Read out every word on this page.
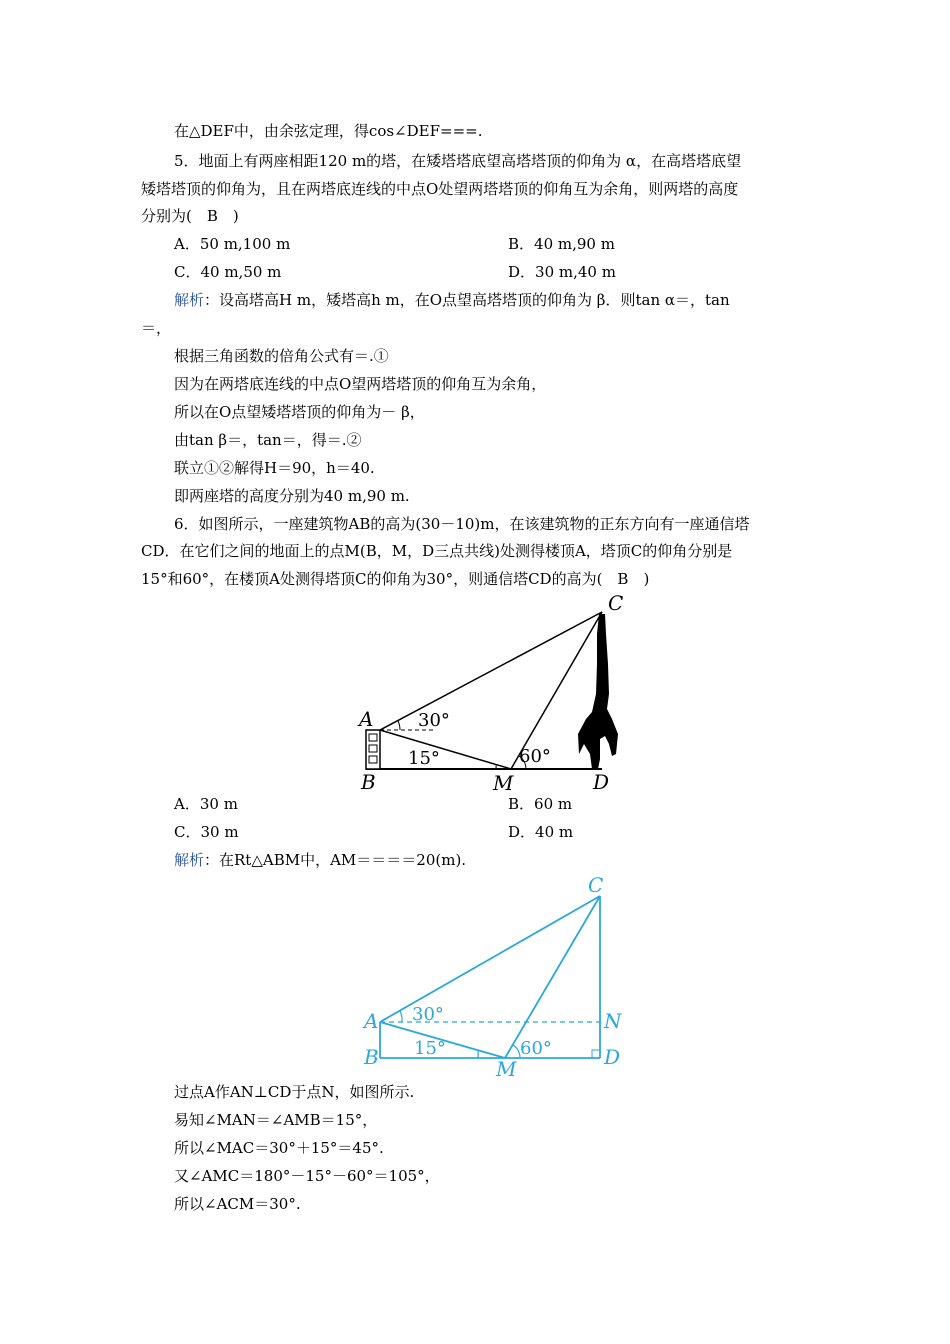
在△DEF中，由余弦定理，得cos∠DEF===.
5．地面上有两座相距120 m的塔，在矮塔塔底望高塔塔顶的仰角为 α，在高塔塔底望
矮塔塔顶的仰角为，且在两塔底连线的中点O处望两塔塔顶的仰角互为余角，则两塔的高度
分别为(　B　)
A．50 m,100 m	B．40 m,90 m
C．40 m,50 m	D．30 m,40 m
解析：设高塔高H m，矮塔高h m，在O点望高塔塔顶的仰角为 β．则tan α＝，tan
＝，
根据三角函数的倍角公式有＝.①
因为在两塔底连线的中点O望两塔塔顶的仰角互为余角，
所以在O点望矮塔塔顶的仰角为－ β，
由tan β＝，tan＝，得＝.②
联立①②解得H＝90，h＝40.
即两座塔的高度分别为40 m,90 m.
6．如图所示，一座建筑物AB的高为(30－10)m，在该建筑物的正东方向有一座通信塔
CD．在它们之间的地面上的点M(B，M，D三点共线)处测得楼顶A，塔顶C的仰角分别是
15°和60°，在楼顶A处测得塔顶C的仰角为30°，则通信塔CD的高为(　B　)
C
A
B	M	D
30°
15°	60°
A．30 m	B．60 m
C．30 m	D．40 m
解析：在Rt△ABM中，AM＝＝＝＝20(m).
C
A	N
B	M	D
30°
15°	60°
过点A作AN⊥CD于点N，如图所示.
易知∠MAN＝∠AMB＝15°，
所以∠MAC＝30°＋15°＝45°.
又∠AMC＝180°－15°－60°＝105°，
所以∠ACM＝30°.
